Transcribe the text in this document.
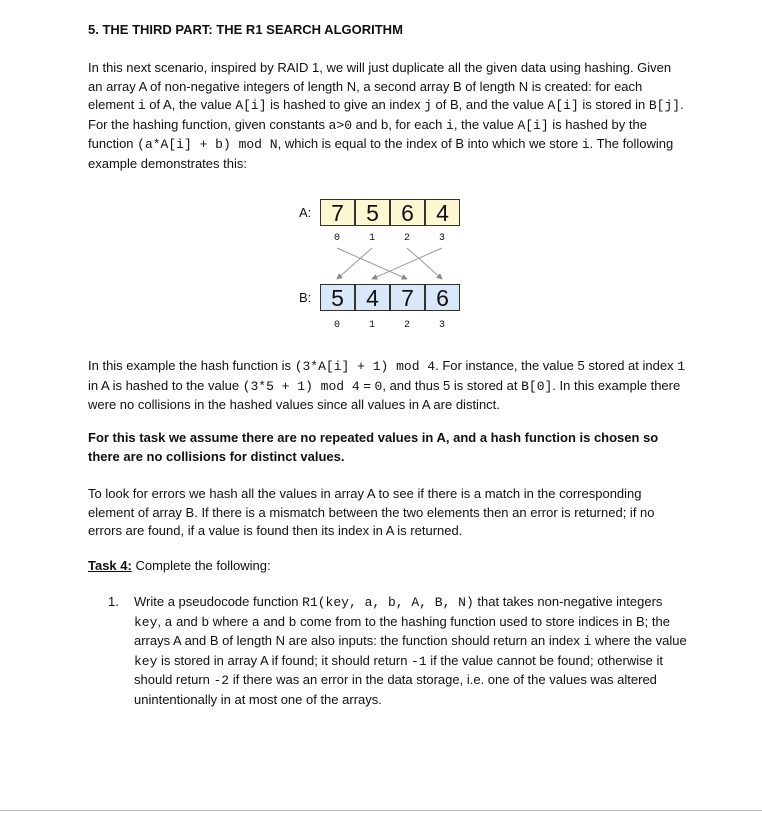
5. THE THIRD PART: THE R1 SEARCH ALGORITHM

In this next scenario, inspired by RAID 1, we will just duplicate all the given data using hashing. Given an array A of non-negative integers of length N, a second array B of length N is created: for each element i of A, the value A[i] is hashed to give an index j of B, and the value A[i] is stored in B[j]. For the hashing function, given constants a>0 and b, for each i, the value A[i] is hashed by the function (a*A[i] + b) mod N, which is equal to the index of B into which we store i. The following example demonstrates this:

A: 7 5 6 4
0	1	2	3
B: 5 4 7 6
0	1	2	3

In this example the hash function is (3*A[i] + 1) mod 4. For instance, the value 5 stored at index 1 in A is hashed to the value (3*5 + 1) mod 4 = 0, and thus 5 is stored at B[0]. In this example there were no collisions in the hashed values since all values in A are distinct.

For this task we assume there are no repeated values in A, and a hash function is chosen so there are no collisions for distinct values.

To look for errors we hash all the values in array A to see if there is a match in the corresponding element of array B. If there is a mismatch between the two elements then an error is returned; if no errors are found, if a value is found then its index in A is returned.

Task 4: Complete the following:

1. Write a pseudocode function R1(key, a, b, A, B, N) that takes non-negative integers key, a and b where a and b come from to the hashing function used to store indices in B; the arrays A and B of length N are also inputs: the function should return an index i where the value key is stored in array A if found; it should return -1 if the value cannot be found; otherwise it should return -2 if there was an error in the data storage, i.e. one of the values was altered unintentionally in at most one of the arrays.
